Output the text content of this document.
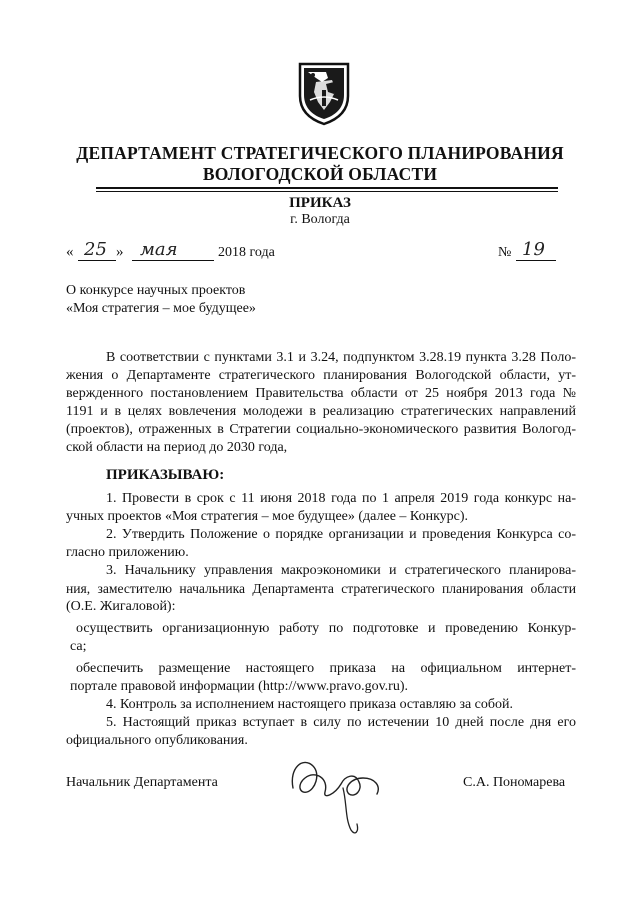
ДЕПАРТАМЕНТ СТРАТЕГИЧЕСКОГО ПЛАНИРОВАНИЯ
ВОЛОГОДСКОЙ ОБЛАСТИ
ПРИКАЗ
г. Вологда
« 25 » мая	2018 года	№ 19
О конкурсе научных проектов
«Моя стратегия – мое будущее»
В соответствии с пунктами 3.1 и 3.24, подпунктом 3.28.19 пункта 3.28 Поло-
жения о Департаменте стратегического планирования Вологодской области, ут-
вержденного постановлением Правительства области от 25 ноября 2013 года №
1191 и в целях вовлечения молодежи в реализацию стратегических направлений
(проектов), отраженных в Стратегии социально-экономического развития Вологод-
ской области на период до 2030 года,
ПРИКАЗЫВАЮ:
1. Провести в срок с 11 июня 2018 года по 1 апреля 2019 года конкурс на-
учных проектов «Моя стратегия – мое будущее» (далее – Конкурс).
2. Утвердить Положение о порядке организации и проведения Конкурса со-
гласно приложению.
3. Начальнику управления макроэкономики и стратегического планирова-
ния, заместителю начальника Департамента стратегического планирования области
(О.Е. Жигаловой):
осуществить организационную работу по подготовке и проведению Конкур-
са;
обеспечить размещение настоящего приказа на официальном интернет-
портале правовой информации (http://www.pravo.gov.ru).
4. Контроль за исполнением настоящего приказа оставляю за собой.
5. Настоящий приказ вступает в силу по истечении 10 дней после дня его
официального опубликования.
Начальник Департамента	С.А. Пономарева
